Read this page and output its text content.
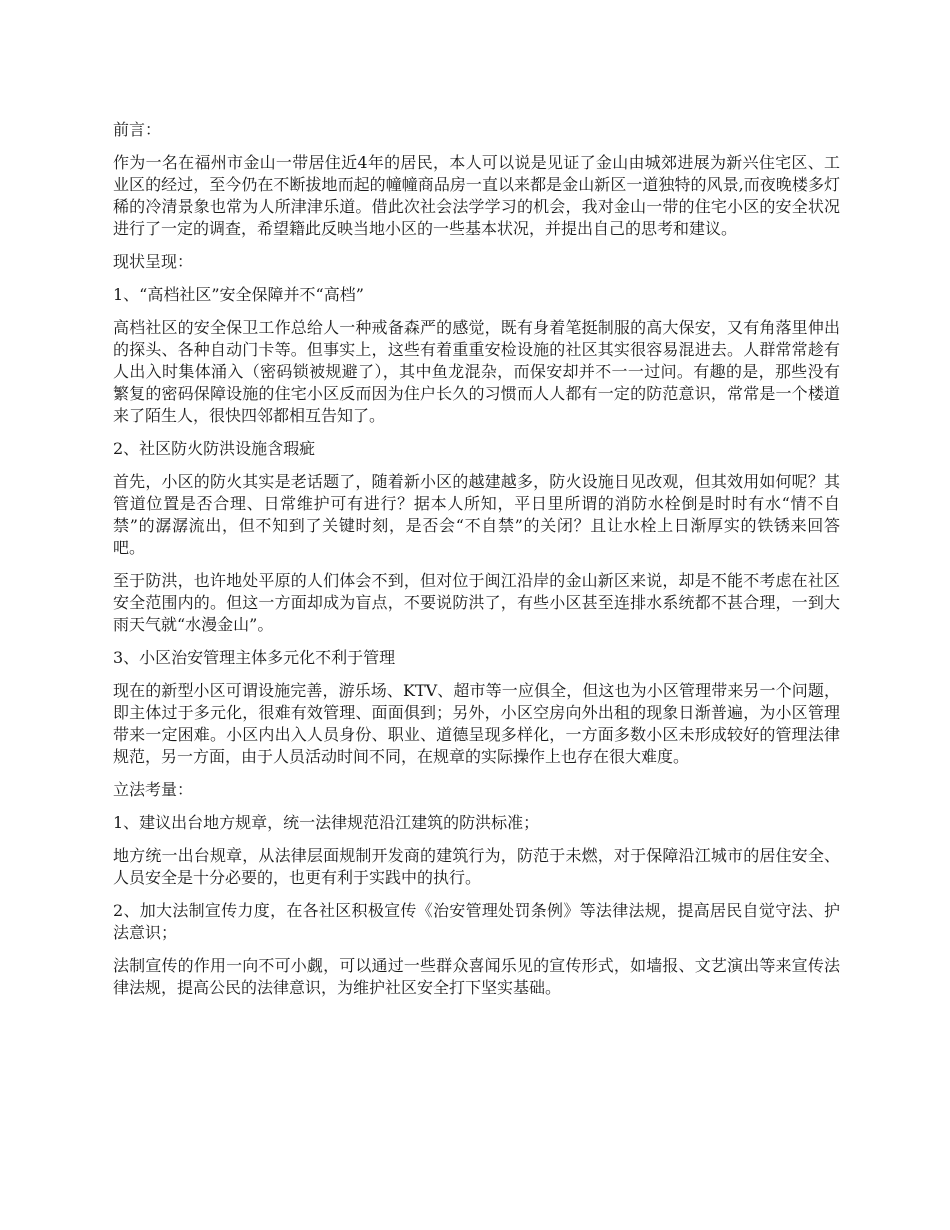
前言：

作为一名在福州市金山一带居住近4年的居民，本人可以说是见证了金山由城郊进展为新兴住宅区、工业区的经过，至今仍在不断拔地而起的幢幢商品房一直以来都是金山新区一道独特的风景,而夜晚楼多灯稀的冷清景象也常为人所津津乐道。借此次社会法学学习的机会，我对金山一带的住宅小区的安全状况进行了一定的调查，希望籍此反映当地小区的一些基本状况，并提出自己的思考和建议。

现状呈现：

1、“高档社区”安全保障并不“高档”

高档社区的安全保卫工作总给人一种戒备森严的感觉，既有身着笔挺制服的高大保安，又有角落里伸出的探头、各种自动门卡等。但事实上，这些有着重重安检设施的社区其实很容易混进去。人群常常趁有人出入时集体涌入（密码锁被规避了），其中鱼龙混杂，而保安却并不一一过问。有趣的是，那些没有繁复的密码保障设施的住宅小区反而因为住户长久的习惯而人人都有一定的防范意识，常常是一个楼道来了陌生人，很快四邻都相互告知了。

2、社区防火防洪设施含瑕疵

首先，小区的防火其实是老话题了，随着新小区的越建越多，防火设施日见改观，但其效用如何呢？其管道位置是否合理、日常维护可有进行？据本人所知，平日里所谓的消防水栓倒是时时有水“情不自禁”的潺潺流出，但不知到了关键时刻，是否会“不自禁”的关闭？且让水栓上日渐厚实的铁锈来回答吧。

至于防洪，也许地处平原的人们体会不到，但对位于闽江沿岸的金山新区来说，却是不能不考虑在社区安全范围内的。但这一方面却成为盲点，不要说防洪了，有些小区甚至连排水系统都不甚合理，一到大雨天气就“水漫金山”。

3、小区治安管理主体多元化不利于管理

现在的新型小区可谓设施完善，游乐场、KTV、超市等一应俱全，但这也为小区管理带来另一个问题，即主体过于多元化，很难有效管理、面面俱到；另外，小区空房向外出租的现象日渐普遍，为小区管理带来一定困难。小区内出入人员身份、职业、道德呈现多样化，一方面多数小区未形成较好的管理法律规范，另一方面，由于人员活动时间不同，在规章的实际操作上也存在很大难度。

立法考量：

1、建议出台地方规章，统一法律规范沿江建筑的防洪标准；

地方统一出台规章，从法律层面规制开发商的建筑行为，防范于未燃，对于保障沿江城市的居住安全、人员安全是十分必要的，也更有利于实践中的执行。

2、加大法制宣传力度，在各社区积极宣传《治安管理处罚条例》等法律法规，提高居民自觉守法、护法意识；

法制宣传的作用一向不可小觑，可以通过一些群众喜闻乐见的宣传形式，如墙报、文艺演出等来宣传法律法规，提高公民的法律意识，为维护社区安全打下坚实基础。
